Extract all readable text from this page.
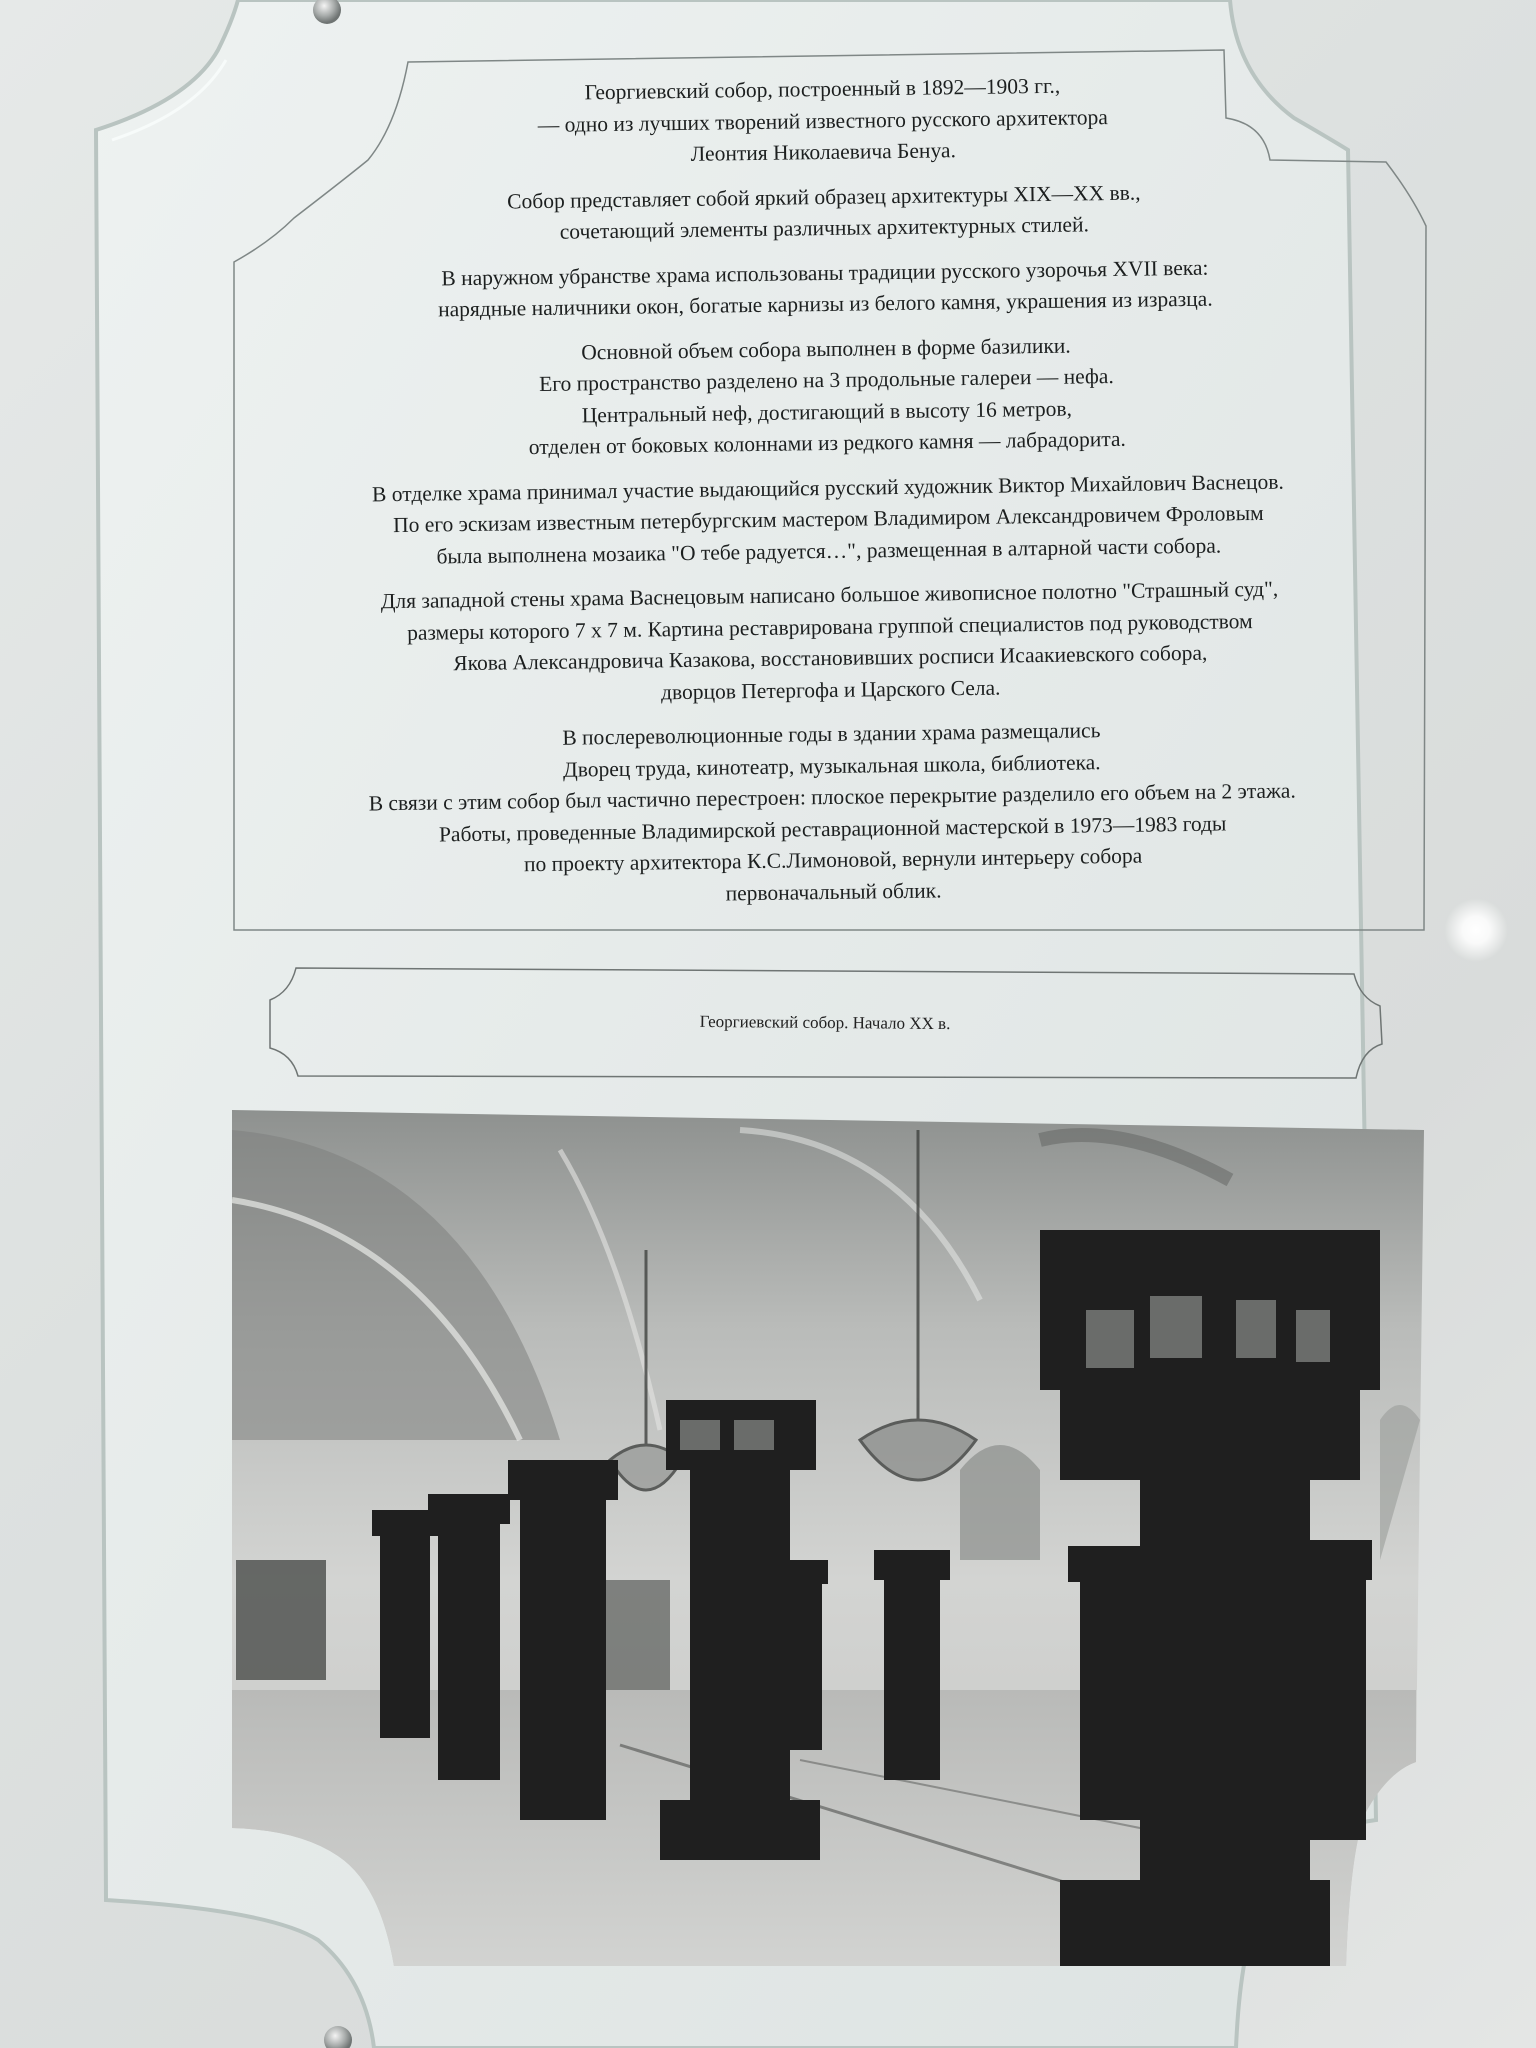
Георгиевский собор, построенный в 1892—1903 гг.,
— одно из лучших творений известного русского архитектора
Леонтия Николаевича Бенуа.
Собор представляет собой яркий образец архитектуры XIX—XX вв.,
сочетающий элементы различных архитектурных стилей.
В наружном убранстве храма использованы традиции русского узорочья XVII века:
нарядные наличники окон, богатые карнизы из белого камня, украшения из изразца.
Основной объем собора выполнен в форме базилики.
Его пространство разделено на 3 продольные галереи — нефа.
Центральный неф, достигающий в высоту 16 метров,
отделен от боковых колоннами из редкого камня — лабрадорита.
В отделке храма принимал участие выдающийся русский художник Виктор Михайлович Васнецов.
По его эскизам известным петербургским мастером Владимиром Александровичем Фроловым
была выполнена мозаика "О тебе радуется…", размещенная в алтарной части собора.
Для западной стены храма Васнецовым написано большое живописное полотно "Страшный суд",
размеры которого 7 х 7 м. Картина реставрирована группой специалистов под руководством
Якова Александровича Казакова, восстановивших росписи Исаакиевского собора,
дворцов Петергофа и Царского Села.
В послереволюционные годы в здании храма размещались
Дворец труда, кинотеатр, музыкальная школа, библиотека.
В связи с этим собор был частично перестроен: плоское перекрытие разделило его объем на 2 этажа.
Работы, проведенные Владимирской реставрационной мастерской в 1973—1983 годы
по проекту архитектора К.С.Лимоновой, вернули интерьеру собора
первоначальный облик.
Георгиевский собор. Начало XX в.
